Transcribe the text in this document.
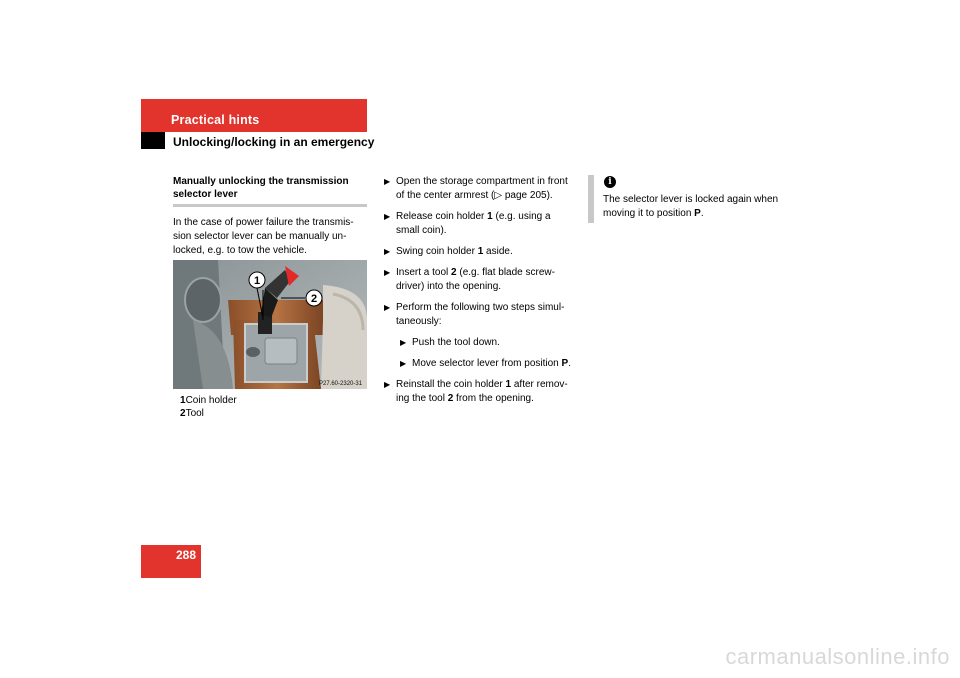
Practical hints
Unlocking/locking in an emergency
Manually unlocking the transmission selector lever
In the case of power failure the transmis-sion selector lever can be manually un-locked, e.g. to tow the vehicle.
1
2
P27.60-2320-31
1Coin holder
2Tool
▶ Open the storage compartment in front of the center armrest (▷ page 205).
▶ Release coin holder 1 (e.g. using a small coin).
▶ Swing coin holder 1 aside.
▶ Insert a tool 2 (e.g. flat blade screw-driver) into the opening.
▶ Perform the following two steps simul-taneously:
▶ Push the tool down.
▶ Move selector lever from position P.
▶ Reinstall the coin holder 1 after remov-ing the tool 2 from the opening.
i
The selector lever is locked again when moving it to position P.
288
carmanualsonline.info
